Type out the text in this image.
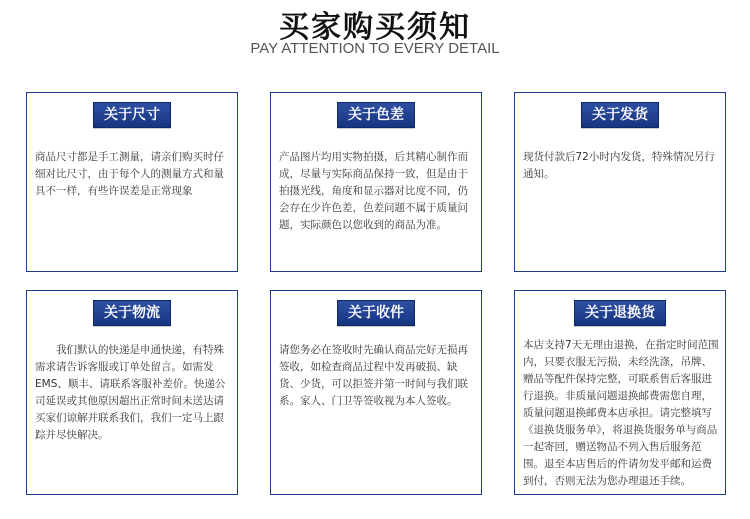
买家购买须知
PAY ATTENTION TO EVERY DETAIL
关于尺寸
商品尺寸都是手工测量，请亲们购买时仔细对比尺寸，由于每个人的测量方式和量具不一样，有些许误差是正常现象
关于色差
产品图片均用实物拍摄，后其精心制作而成，尽量与实际商品保持一致，但是由于拍摄光线，角度和显示器对比度不同，仍会存在少许色差，色差问题不属于质量问题，实际颜色以您收到的商品为准。
关于发货
现货付款后72小时内发货，特殊情况另行通知。
关于物流
我们默认的快递是申通快递，有特殊需求请告诉客服或订单处留言。如需发EMS、顺丰、请联系客服补差价。快递公司延误或其他原因超出正常时间未送达请买家们谅解并联系我们，我们一定马上跟踪并尽快解决。
关于收件
请您务必在签收时先确认商品完好无损再签收，如检查商品过程中发再破损、缺货、少货，可以拒签并第一时间与我们联系。家人、门卫等签收视为本人签收。
关于退换货
本店支持7天无理由退换，在指定时间范围内，只要衣服无污损，未经洗涤，吊牌、赠品等配件保持完整，可联系售后客服进行退换。非质量问题退换邮费需您自理，质量问题退换邮费本店承担。请完整填写《退换货服务单》，将退换货服务单与商品一起寄回，赠送物品不列入售后服务范围。退至本店售后的件请勿发平邮和运费到付，否则无法为您办理退还手续。
